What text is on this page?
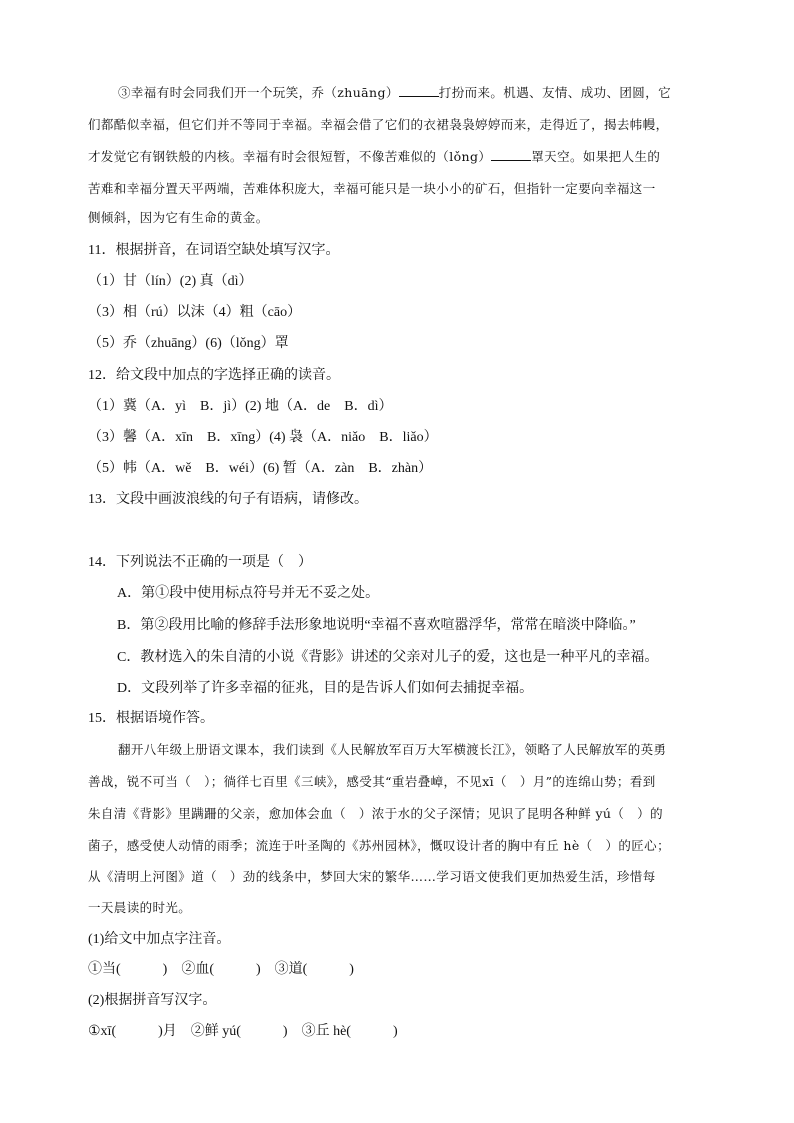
③幸福有时会同我们开一个玩笑，乔（zhuāng）	打扮而来。机遇、友情、成功、团圆，它
们都酷似幸福，但它们并不等同于幸福。幸福会借了它们的衣裙袅袅婷婷而来，走得近了，揭去帏幔，
才发觉它有钢铁般的内核。幸福有时会很短暂，不像苦难似的（lǒng）	罩天空。如果把人生的
苦难和幸福分置天平两端，苦难体积庞大，幸福可能只是一块小小的矿石，但指针一定要向幸福这一
侧倾斜，因为它有生命的黄金。
11．根据拼音，在词语空缺处填写汉字。
（1）甘（lín）(2) 真（dì）
（3）相（rú）以沫（4）粗（cāo）
（5）乔（zhuāng）(6)（lǒng）罩
12．给文段中加点的字选择正确的读音。
（1）冀（A．yì　B．jì）(2) 地（A．de　B．dì）
（3）馨（A．xīn　B．xīng）(4) 袅（A．niǎo　B．liǎo）
（5）帏（A．wě　B．wéi）(6) 暂（A．zàn　B．zhàn）
13．文段中画波浪线的句子有语病，请修改。
14．下列说法不正确的一项是（　）
A．第①段中使用标点符号并无不妥之处。
B．第②段用比喻的修辞手法形象地说明“幸福不喜欢喧嚣浮华，常常在暗淡中降临。”
C．教材选入的朱自清的小说《背影》讲述的父亲对儿子的爱，这也是一种平凡的幸福。
D．文段列举了许多幸福的征兆，目的是告诉人们如何去捕捉幸福。
15．根据语境作答。
翻开八年级上册语文课本，我们读到《人民解放军百万大军横渡长江》，领略了人民解放军的英勇
善战，锐不可当（　）；徜徉七百里《三峡》，感受其“重岩叠嶂，不见xī（　）月”的连绵山势；看到
朱自清《背影》里蹒跚的父亲，愈加体会血（　）浓于水的父子深情；见识了昆明各种鲜 yú（　）的
菌子，感受使人动情的雨季；流连于叶圣陶的《苏州园林》，慨叹设计者的胸中有丘 hè（　）的匠心；
从《清明上河图》道（　）劲的线条中，梦回大宋的繁华……学习语文使我们更加热爱生活，珍惜每
一天晨读的时光。
(1)给文中加点字注音。
①当(　　　)　②血(　　　)　③道(　　　)
(2)根据拼音写汉字。
①xī(　　　)月　②鲜 yú(　　　)　③丘 hè(　　　)
